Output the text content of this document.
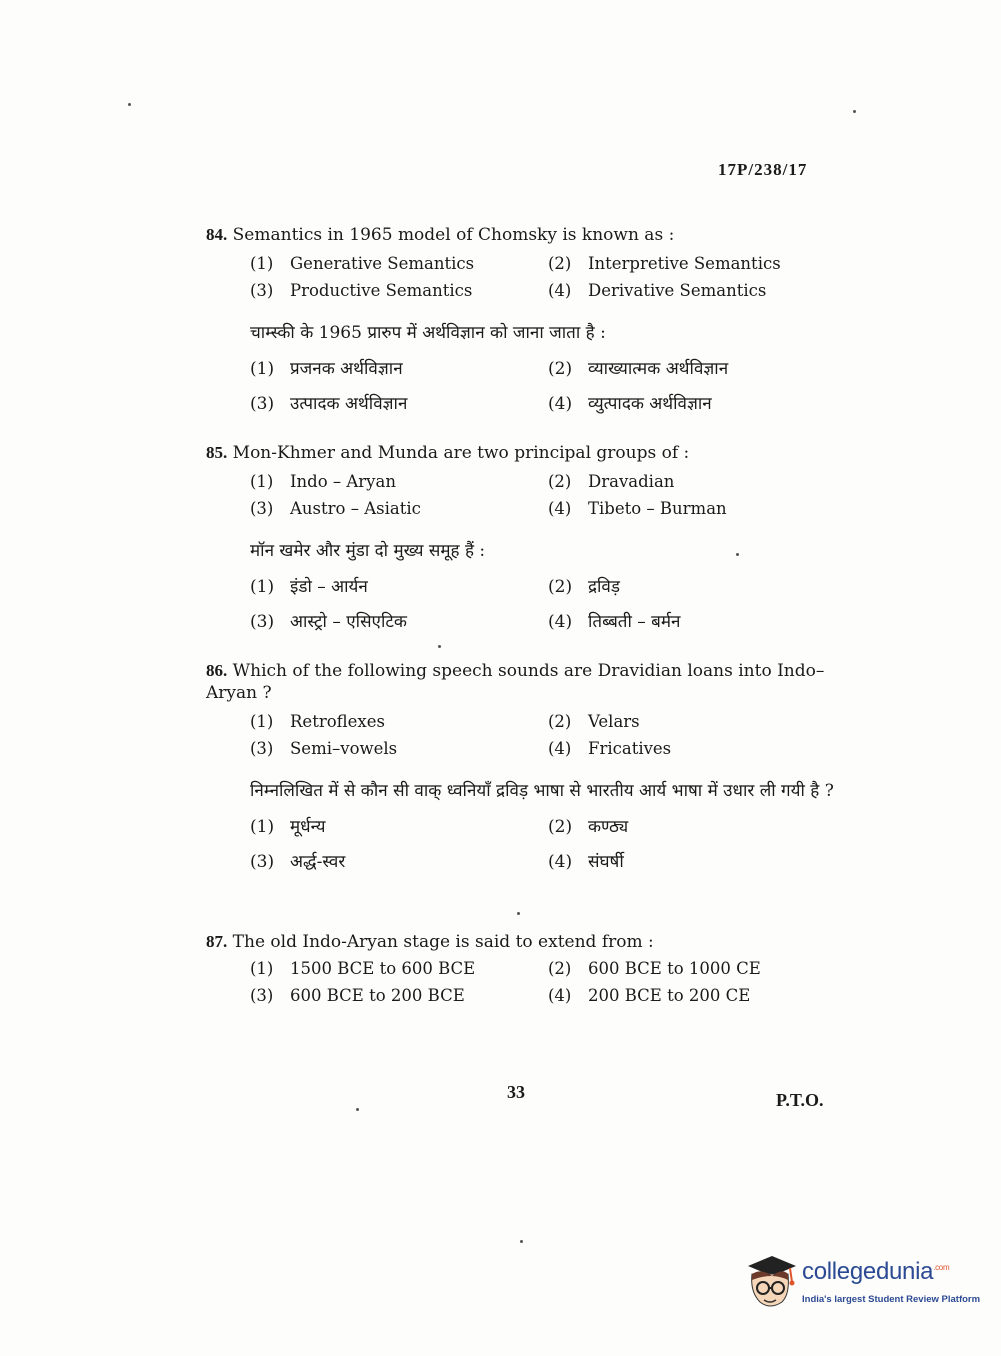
17P/238/17
84. Semantics in 1965 model of Chomsky is known as :
(1) Generative Semantics	(2) Interpretive Semantics
(3) Productive Semantics	(4) Derivative Semantics
चाम्स्की के 1965 प्रारुप में अर्थविज्ञान को जाना जाता है :
(1) प्रजनक अर्थविज्ञान	(2) व्याख्यात्मक अर्थविज्ञान
(3) उत्पादक अर्थविज्ञान	(4) व्युत्पादक अर्थविज्ञान
85. Mon-Khmer and Munda are two principal groups of :
(1) Indo – Aryan	(2) Dravadian
(3) Austro – Asiatic	(4) Tibeto – Burman
मॉन खमेर और मुंडा दो मुख्य समूह हैं :
(1) इंडो – आर्यन	(2) द्रविड़
(3) आस्ट्रो – एसिएटिक	(4) तिब्बती – बर्मन
86. Which of the following speech sounds are Dravidian loans into Indo–Aryan ?
(1) Retroflexes	(2) Velars
(3) Semi–vowels	(4) Fricatives
निम्नलिखित में से कौन सी वाक् ध्वनियाँ द्रविड़ भाषा से भारतीय आर्य भाषा में उधार ली गयी है ?
(1) मूर्धन्य	(2) कण्ठ्य
(3) अर्द्ध-स्वर	(4) संघर्षी
87. The old Indo-Aryan stage is said to extend from :
(1) 1500 BCE to 600 BCE	(2) 600 BCE to 1000 CE
(3) 600 BCE to 200 BCE	(4) 200 BCE to 200 CE
33	P.T.O.
collegedunia$^{.com}$
India's largest Student Review Platform
